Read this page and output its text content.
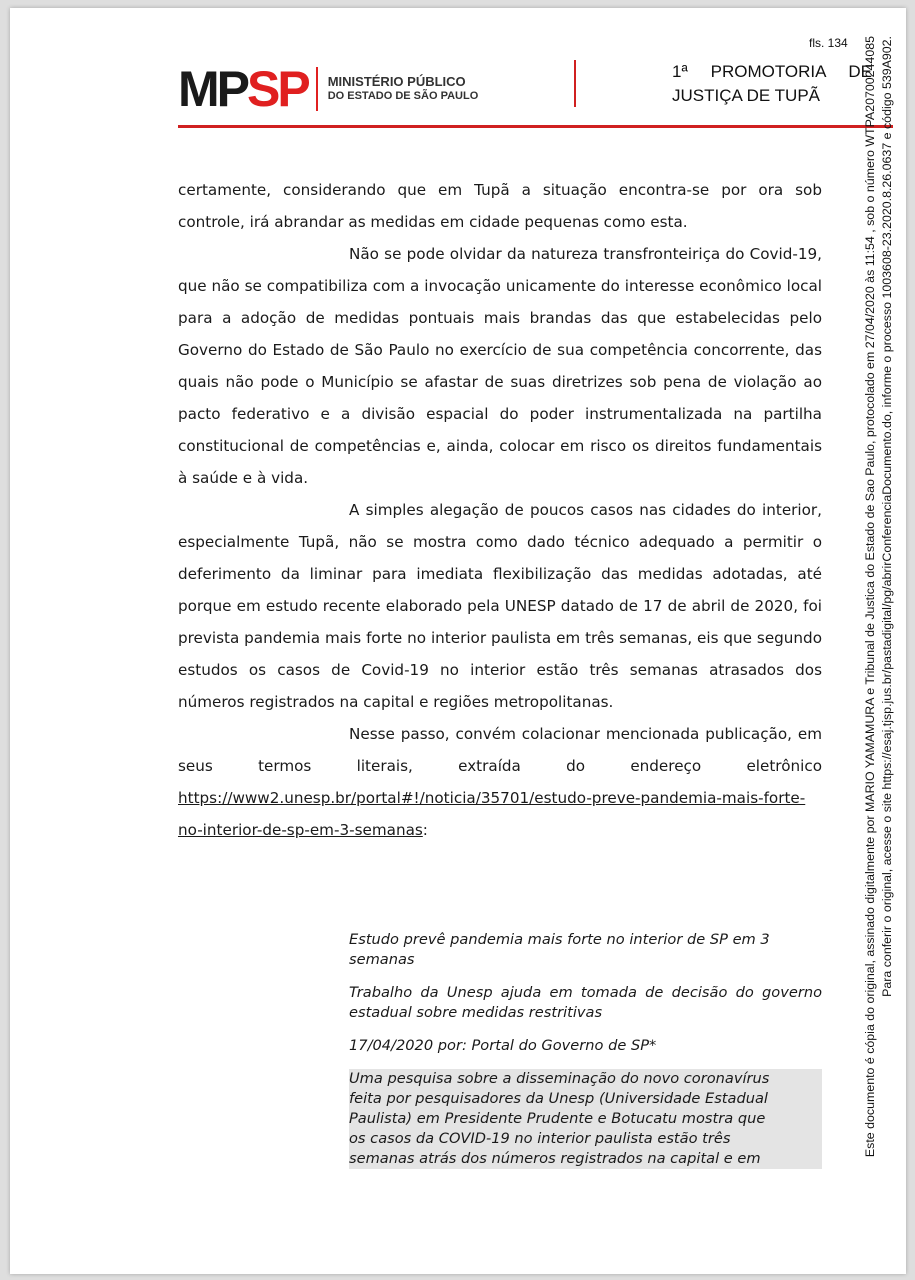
fls. 134
MP SP MINISTÉRIO PÚBLICO
DO ESTADO DE SÃO PAULO
1ª PROMOTORIA DE
JUSTIÇA DE TUPÃ

certamente, considerando que em Tupã a situação encontra-se por ora sob controle, irá abrandar as medidas em cidade pequenas como esta.

Não se pode olvidar da natureza transfronteiriça do Covid-19, que não se compatibiliza com a invocação unicamente do interesse econômico local para a adoção de medidas pontuais mais brandas das que estabelecidas pelo Governo do Estado de São Paulo no exercício de sua competência concorrente, das quais não pode o Município se afastar de suas diretrizes sob pena de violação ao pacto federativo e a divisão espacial do poder instrumentalizada na partilha constitucional de competências e, ainda, colocar em risco os direitos fundamentais à saúde e à vida.

A simples alegação de poucos casos nas cidades do interior, especialmente Tupã, não se mostra como dado técnico adequado a permitir o deferimento da liminar para imediata flexibilização das medidas adotadas, até porque em estudo recente elaborado pela UNESP datado de 17 de abril de 2020, foi prevista pandemia mais forte no interior paulista em três semanas, eis que segundo estudos os casos de Covid-19 no interior estão três semanas atrasados dos números registrados na capital e regiões metropolitanas.

Nesse passo, convém colacionar mencionada publicação, em seus termos literais, extraída do endereço eletrônico https://www2.unesp.br/portal#!/noticia/35701/estudo-preve-pandemia-mais-forte-no-interior-de-sp-em-3-semanas:

Estudo prevê pandemia mais forte no interior de SP em 3 semanas

Trabalho da Unesp ajuda em tomada de decisão do governo estadual sobre medidas restritivas

17/04/2020 por: Portal do Governo de SP*

Uma pesquisa sobre a disseminação do novo coronavírus
feita por pesquisadores da Unesp (Universidade Estadual
Paulista) em Presidente Prudente e Botucatu mostra que
os casos da COVID-19 no interior paulista estão três
semanas atrás dos números registrados na capital e em
Este documento é cópia do original, assinado digitalmente por MARIO YAMAMURA e Tribunal de Justica do Estado de Sao Paulo, protocolado em 27/04/2020 às 11:54 , sob o número WTPA20700244085 Para conferir o original, acesse o site https://esaj.tjsp.jus.br/pastadigital/pg/abrirConferenciaDocumento.do, informe o processo 1003608-23.2020.8.26.0637 e código 539A902.
